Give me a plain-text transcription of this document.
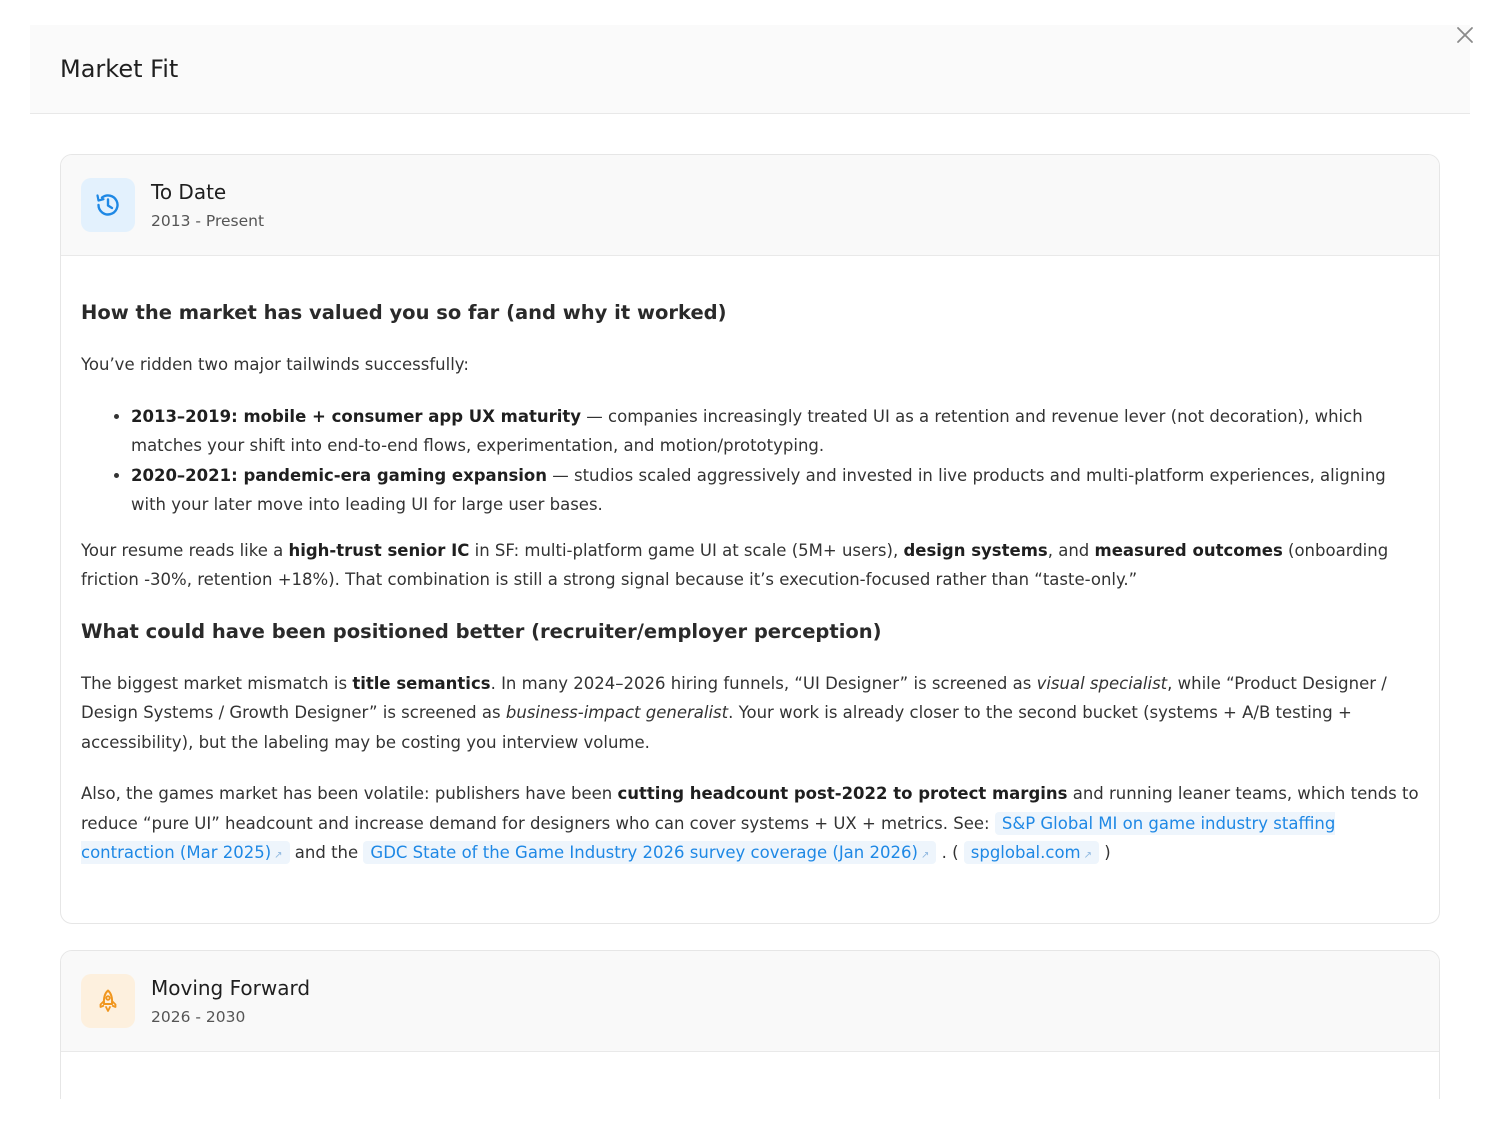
Market Fit
To Date
2013 - Present
How the market has valued you so far (and why it worked)

You’ve ridden two major tailwinds successfully:

• 2013–2019: mobile + consumer app UX maturity — companies increasingly treated UI as a retention and revenue lever (not decoration), which matches your shift into end-to-end flows, experimentation, and motion/prototyping.
• 2020–2021: pandemic-era gaming expansion — studios scaled aggressively and invested in live products and multi-platform experiences, aligning with your later move into leading UI for large user bases.

Your resume reads like a high-trust senior IC in SF: multi-platform game UI at scale (5M+ users), design systems, and measured outcomes (onboarding friction -30%, retention +18%). That combination is still a strong signal because it’s execution-focused rather than “taste-only.”

What could have been positioned better (recruiter/employer perception)

The biggest market mismatch is title semantics. In many 2024–2026 hiring funnels, “UI Designer” is screened as visual specialist, while “Product Designer / Design Systems / Growth Designer” is screened as business-impact generalist. Your work is already closer to the second bucket (systems + A/B testing + accessibility), but the labeling may be costing you interview volume.

Also, the games market has been volatile: publishers have been cutting headcount post-2022 to protect margins and running leaner teams, which tends to reduce “pure UI” headcount and increase demand for designers who can cover systems + UX + metrics. See: S&P Global MI on game industry staffing contraction (Mar 2025) ↗ and the GDC State of the Game Industry 2026 survey coverage (Jan 2026) ↗ . ( spglobal.com ↗ )

Moving Forward
2026 - 2030
